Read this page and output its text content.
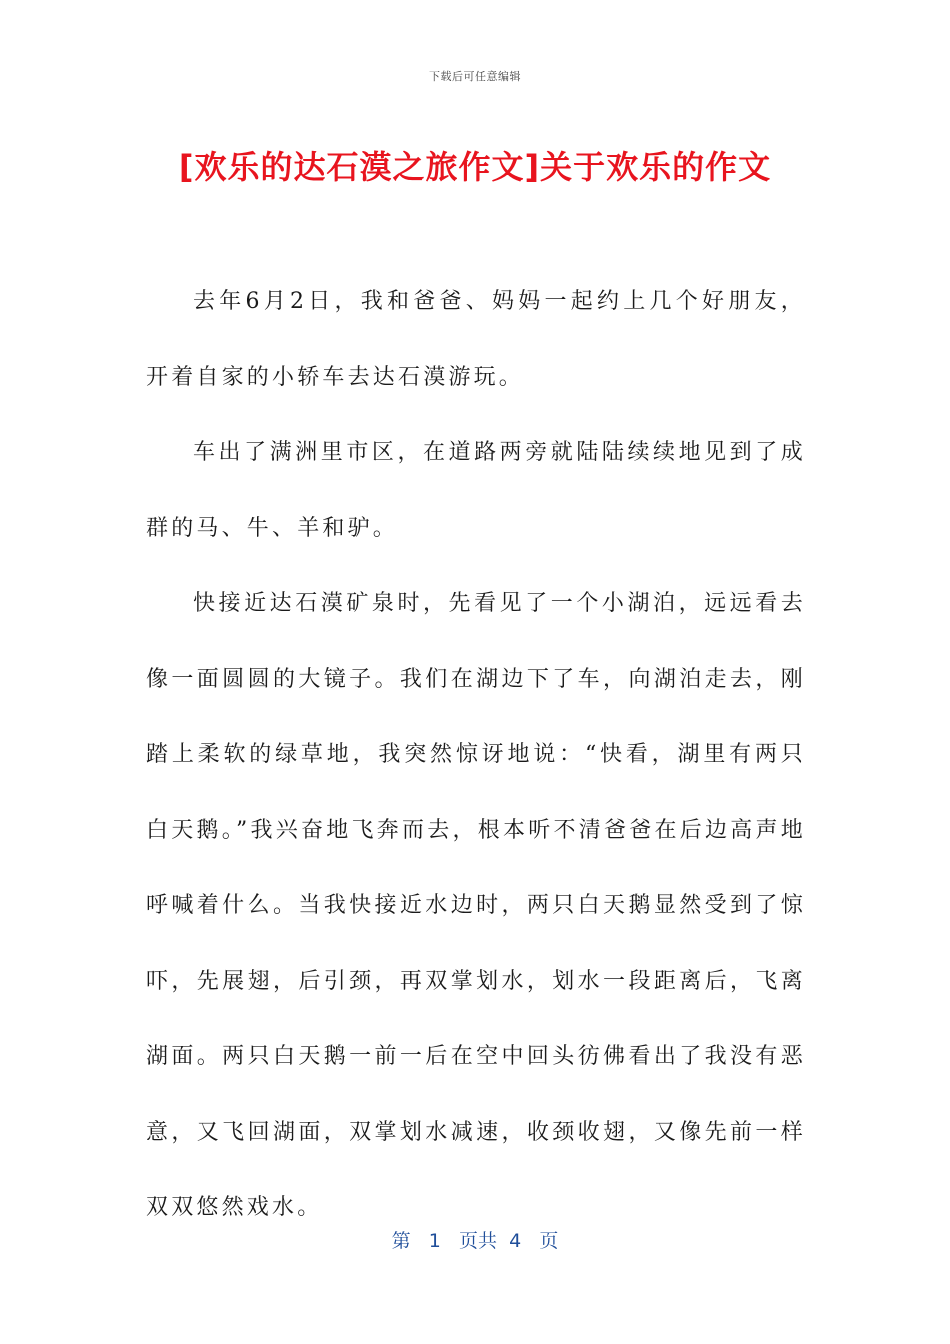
下载后可任意编辑
[欢乐的达石漠之旅作文]关于欢乐的作文

去年6月2日，我和爸爸、妈妈一起约上几个好朋友，开着自家的小轿车去达石漠游玩。

车出了满洲里市区，在道路两旁就陆陆续续地见到了成群的马、牛、羊和驴。

快接近达石漠矿泉时，先看见了一个小湖泊，远远看去像一面圆圆的大镜子。我们在湖边下了车，向湖泊走去，刚踏上柔软的绿草地，我突然惊讶地说：“快看，湖里有两只白天鹅。”我兴奋地飞奔而去，根本听不清爸爸在后边高声地呼喊着什么。当我快接近水边时，两只白天鹅显然受到了惊吓，先展翅，后引颈，再双掌划水，划水一段距离后，飞离湖面。两只白天鹅一前一后在空中回头彷佛看出了我没有恶意，又飞回湖面，双掌划水减速，收颈收翅，又像先前一样双双悠然戏水。

第 1 页共 4 页
